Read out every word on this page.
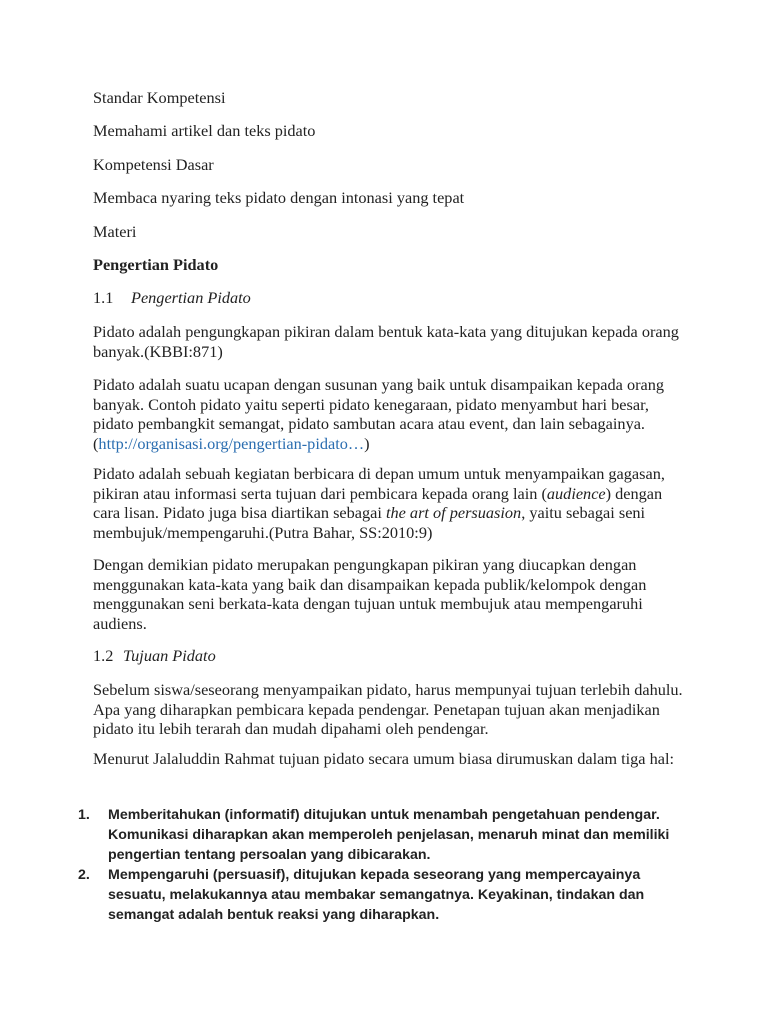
Standar Kompetensi

Memahami artikel dan teks pidato

Kompetensi Dasar

Membaca nyaring teks pidato dengan intonasi yang tepat

Materi

Pengertian Pidato

1.1 Pengertian Pidato

Pidato adalah pengungkapan pikiran dalam bentuk kata-kata yang ditujukan kepada orang banyak.(KBBI:871)

Pidato adalah suatu ucapan dengan susunan yang baik untuk disampaikan kepada orang banyak. Contoh pidato yaitu seperti pidato kenegaraan, pidato menyambut hari besar, pidato pembangkit semangat, pidato sambutan acara atau event, dan lain sebagainya.(http://organisasi.org/pengertian-pidato…)

Pidato adalah sebuah kegiatan berbicara di depan umum untuk menyampaikan gagasan, pikiran atau informasi serta tujuan dari pembicara kepada orang lain (audience) dengan cara lisan. Pidato juga bisa diartikan sebagai the art of persuasion, yaitu sebagai seni membujuk/mempengaruhi.(Putra Bahar, SS:2010:9)

Dengan demikian pidato merupakan pengungkapan pikiran yang diucapkan dengan menggunakan kata-kata yang baik dan disampaikan kepada publik/kelompok dengan menggunakan seni berkata-kata dengan tujuan untuk membujuk atau mempengaruhi audiens.

1.2 Tujuan Pidato

Sebelum siswa/seseorang menyampaikan pidato, harus mempunyai tujuan terlebih dahulu. Apa yang diharapkan pembicara kepada pendengar. Penetapan tujuan akan menjadikan pidato itu lebih terarah dan mudah dipahami oleh pendengar.

Menurut Jalaluddin Rahmat tujuan pidato secara umum biasa dirumuskan dalam tiga hal:

1. Memberitahukan (informatif) ditujukan untuk menambah pengetahuan pendengar. Komunikasi diharapkan akan memperoleh penjelasan, menaruh minat dan memiliki pengertian tentang persoalan yang dibicarakan.
2. Mempengaruhi (persuasif), ditujukan kepada seseorang yang mempercayainya sesuatu, melakukannya atau membakar semangatnya. Keyakinan, tindakan dan semangat adalah bentuk reaksi yang diharapkan.
